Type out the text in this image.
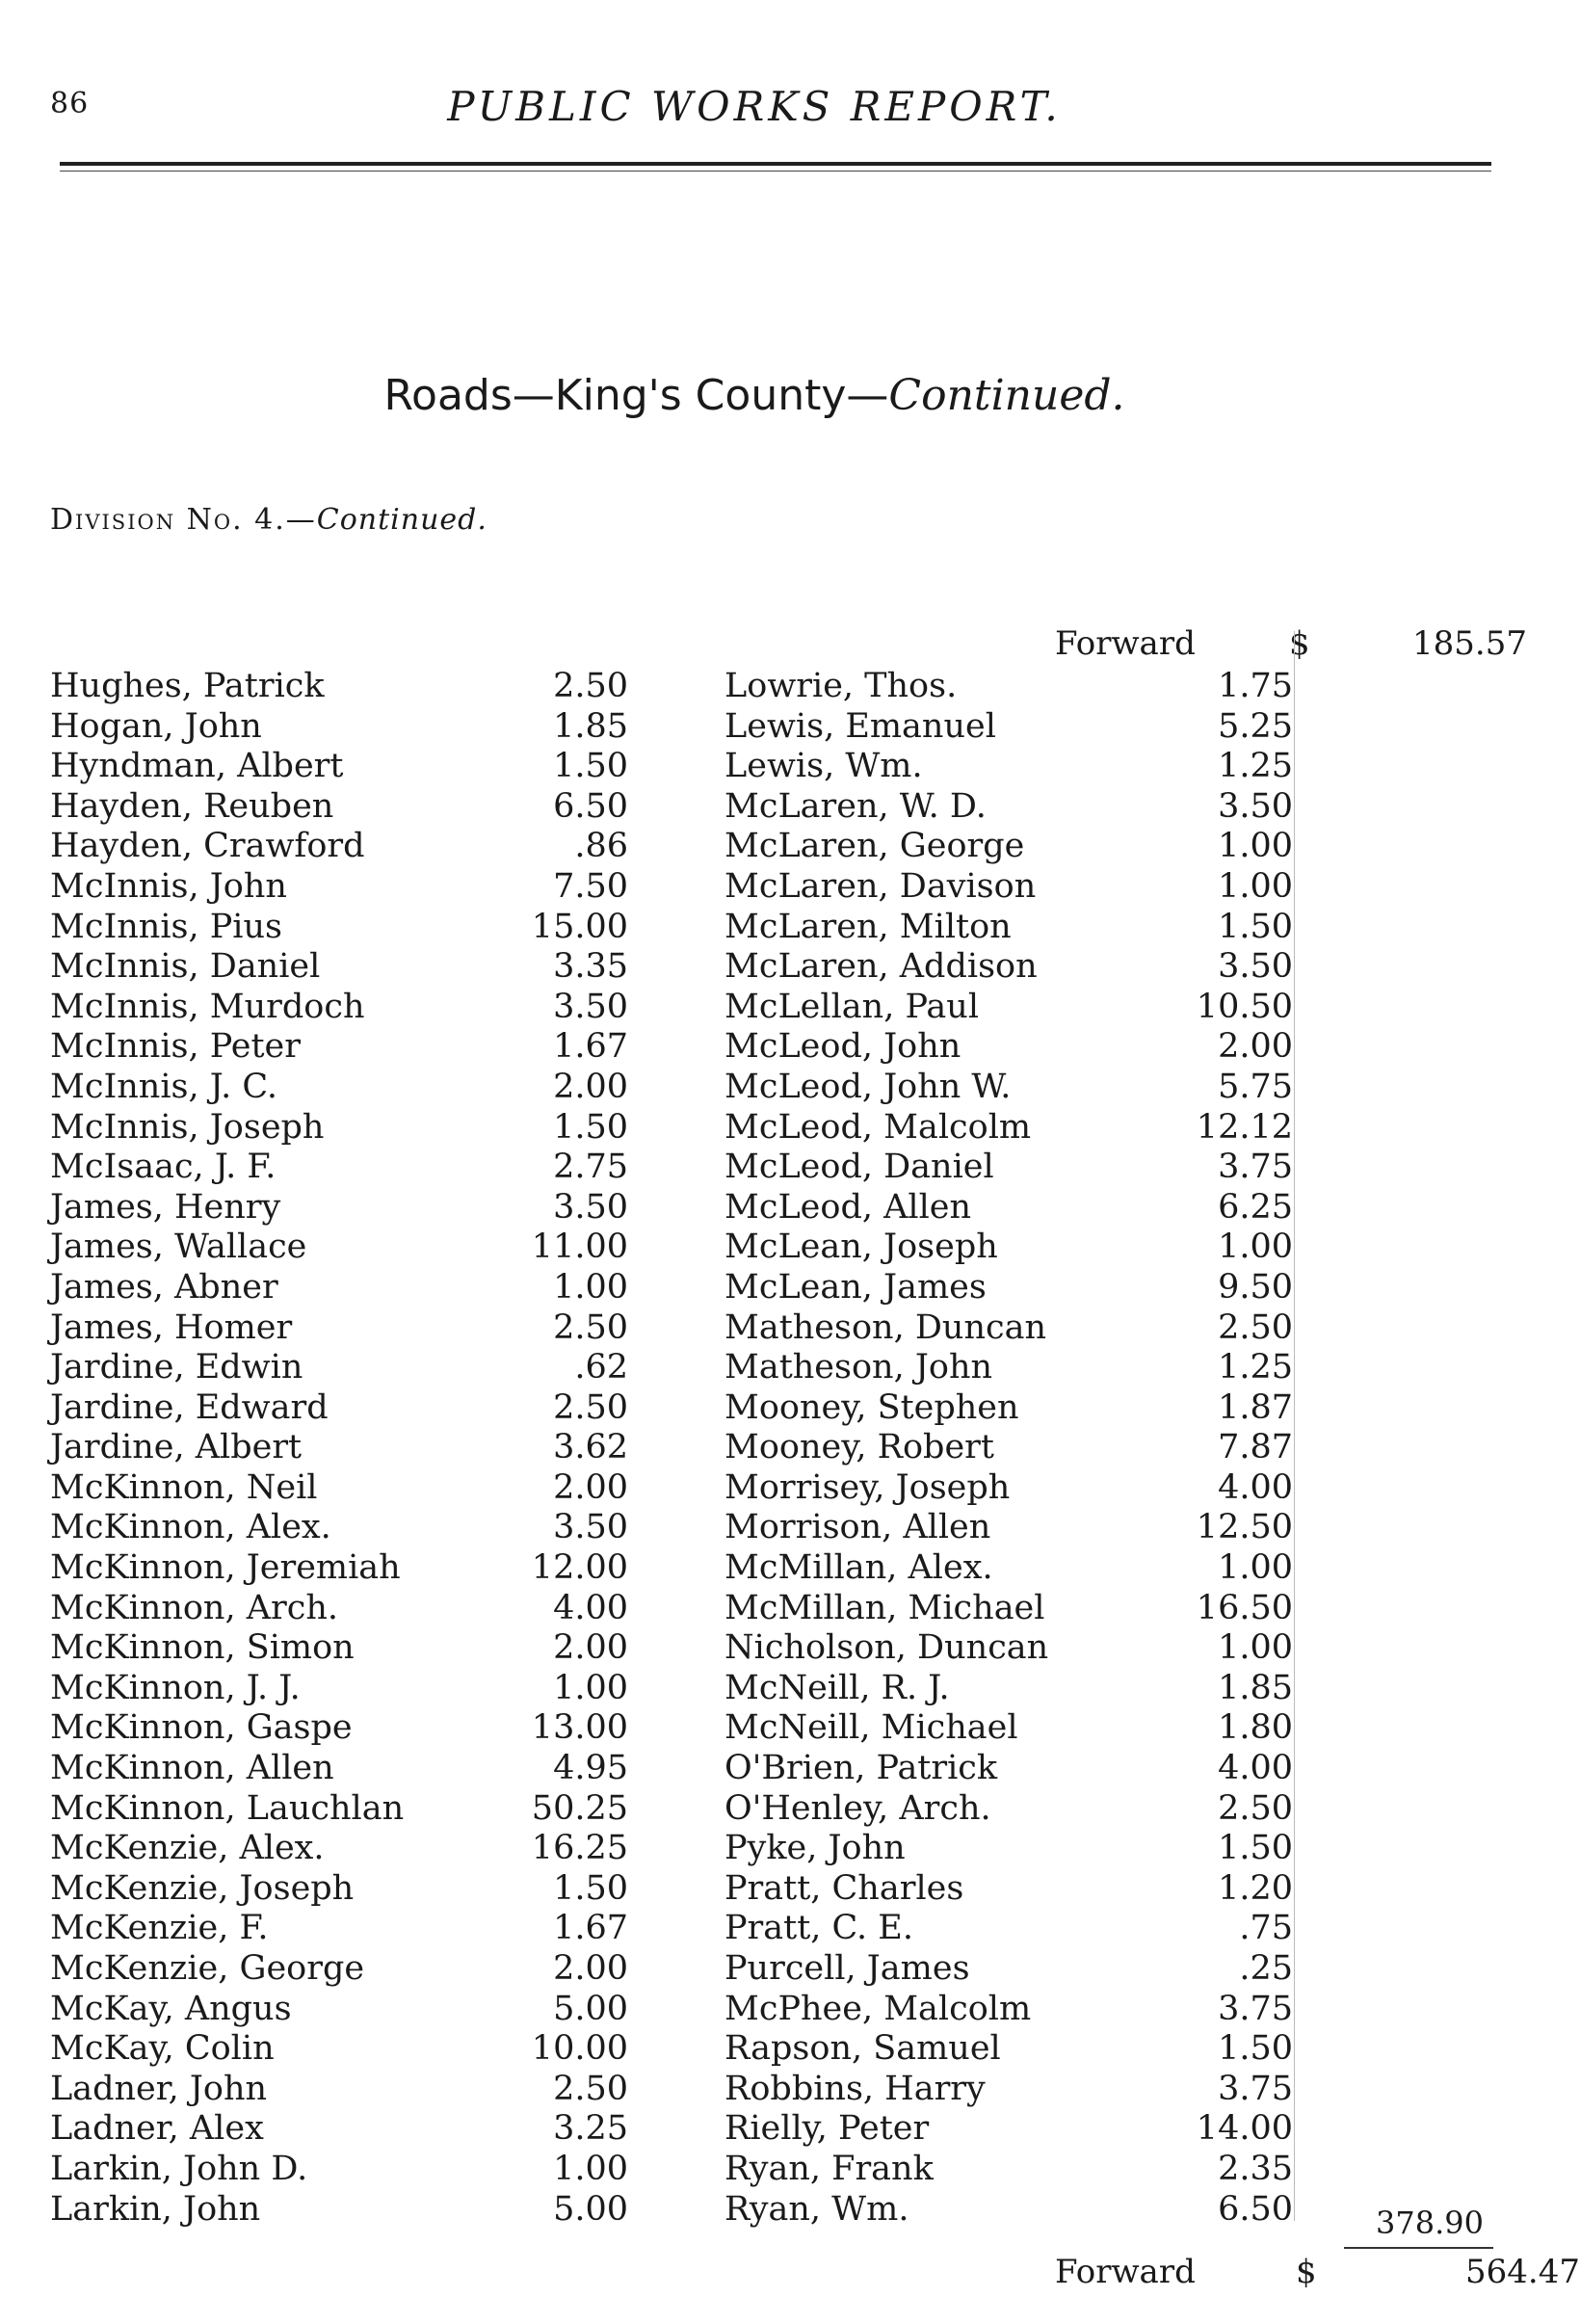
86	PUBLIC WORKS REPORT.
Roads—King's County—Continued.
Division No. 4.—Continued.
Forward	$	185.57
Hughes, Patrick	2.50
Hogan, John	1.85
Hyndman, Albert	1.50
Hayden, Reuben	6.50
Hayden, Crawford	.86
McInnis, John	7.50
McInnis, Pius	15.00
McInnis, Daniel	3.35
McInnis, Murdoch	3.50
McInnis, Peter	1.67
McInnis, J. C.	2.00
McInnis, Joseph	1.50
McIsaac, J. F.	2.75
James, Henry	3.50
James, Wallace	11.00
James, Abner	1.00
James, Homer	2.50
Jardine, Edwin	.62
Jardine, Edward	2.50
Jardine, Albert	3.62
McKinnon, Neil	2.00
McKinnon, Alex.	3.50
McKinnon, Jeremiah	12.00
McKinnon, Arch.	4.00
McKinnon, Simon	2.00
McKinnon, J. J.	1.00
McKinnon, Gaspe	13.00
McKinnon, Allen	4.95
McKinnon, Lauchlan	50.25
McKenzie, Alex.	16.25
McKenzie, Joseph	1.50
McKenzie, F.	1.67
McKenzie, George	2.00
McKay, Angus	5.00
McKay, Colin	10.00
Ladner, John	2.50
Ladner, Alex	3.25
Larkin, John D.	1.00
Larkin, John	5.00
Lowrie, Thos.	1.75
Lewis, Emanuel	5.25
Lewis, Wm.	1.25
McLaren, W. D.	3.50
McLaren, George	1.00
McLaren, Davison	1.00
McLaren, Milton	1.50
McLaren, Addison	3.50
McLellan, Paul	10.50
McLeod, John	2.00
McLeod, John W.	5.75
McLeod, Malcolm	12.12
McLeod, Daniel	3.75
McLeod, Allen	6.25
McLean, Joseph	1.00
McLean, James	9.50
Matheson, Duncan	2.50
Matheson, John	1.25
Mooney, Stephen	1.87
Mooney, Robert	7.87
Morrisey, Joseph	4.00
Morrison, Allen	12.50
McMillan, Alex.	1.00
McMillan, Michael	16.50
Nicholson, Duncan	1.00
McNeill, R. J.	1.85
McNeill, Michael	1.80
O'Brien, Patrick	4.00
O'Henley, Arch.	2.50
Pyke, John	1.50
Pratt, Charles	1.20
Pratt, C. E.	.75
Purcell, James	.25
McPhee, Malcolm	3.75
Rapson, Samuel	1.50
Robbins, Harry	3.75
Rielly, Peter	14.00
Ryan, Frank	2.35
Ryan, Wm.	6.50	378.90
Forward	$	564.47
